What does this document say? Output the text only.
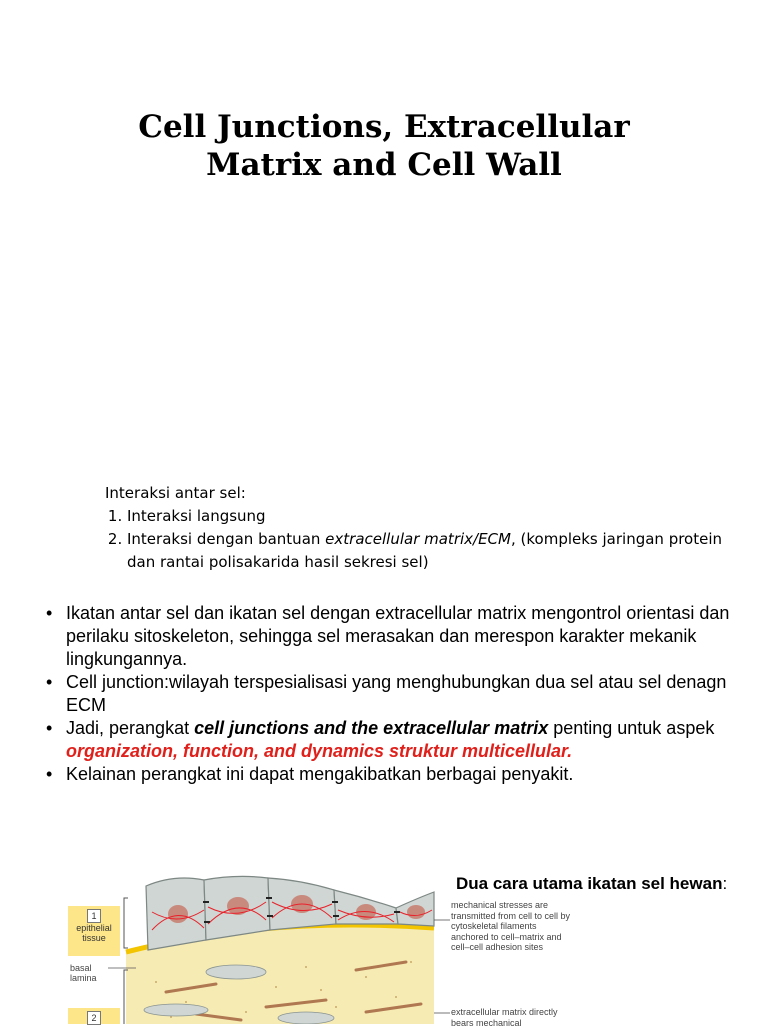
Cell Junctions, Extracellular
Matrix and Cell Wall
Interaksi antar sel:
1. Interaksi langsung
2. Interaksi dengan bantuan extracellular matrix/ECM, (kompleks jaringan protein dan rantai polisakarida hasil sekresi sel)
• Ikatan antar sel dan ikatan sel dengan extracellular matrix mengontrol orientasi dan perilaku sitoskeleton, sehingga sel merasakan dan merespon karakter mekanik lingkungannya.
• Cell junction:wilayah terspesialisasi yang menghubungkan dua sel atau sel denagn ECM
• Jadi, perangkat cell junctions and the extracellular matrix penting untuk aspek organization, function, and dynamics struktur multicellular.
• Kelainan perangkat ini dapat mengakibatkan berbagai penyakit.
Dua cara utama ikatan sel hewan:
1
epithelial tissue
basal lamina
2
mechanical stresses are transmitted from cell to cell by cytoskeletal filaments anchored to cell–matrix and cell–cell adhesion sites
extracellular matrix directly bears mechanical
